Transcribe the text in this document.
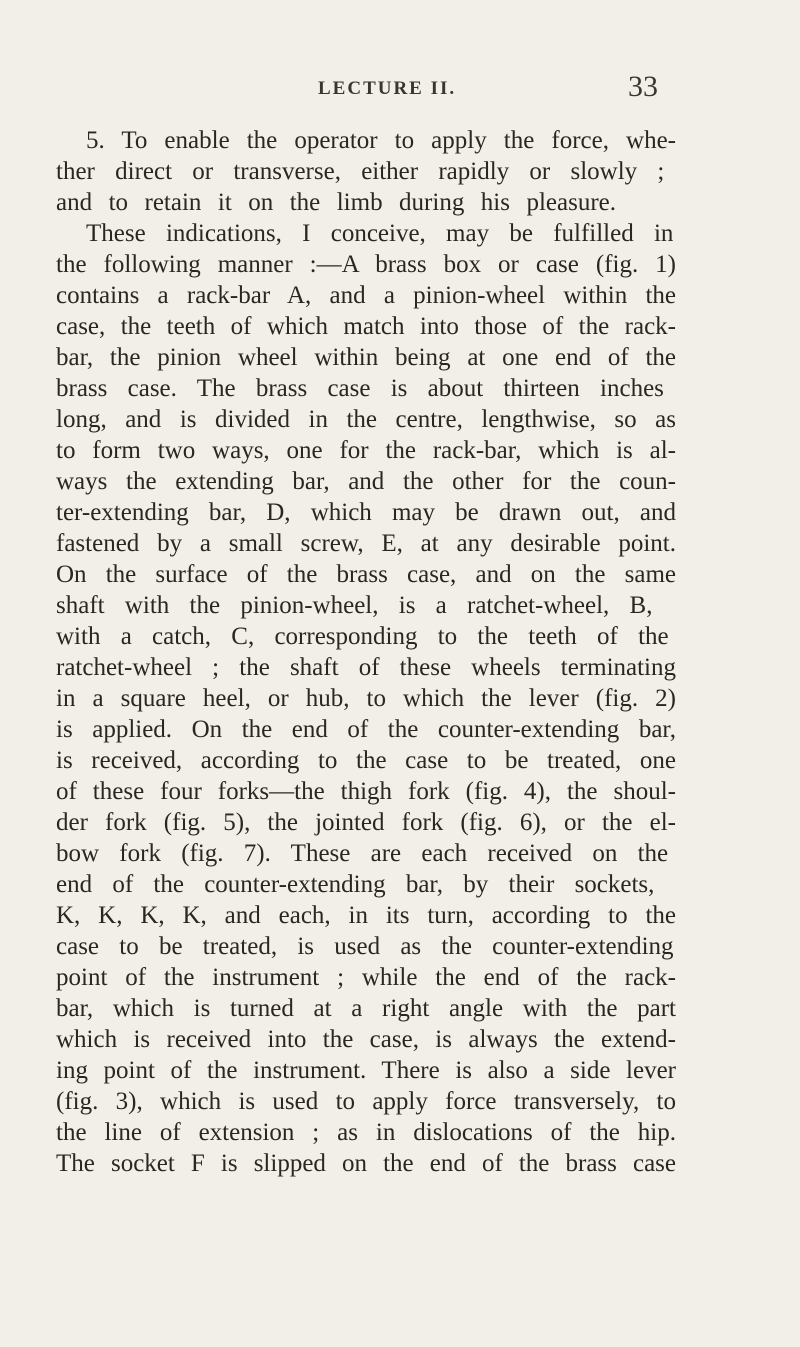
LECTURE II.	33
5. To enable the operator to apply the force, whe-
ther direct or transverse, either rapidly or slowly ;
and to retain it on the limb during his pleasure.
These indications, I conceive, may be fulfilled in
the following manner :—A brass box or case (fig. 1)
contains a rack-bar A, and a pinion-wheel within the
case, the teeth of which match into those of the rack-
bar, the pinion wheel within being at one end of the
brass case. The brass case is about thirteen inches
long, and is divided in the centre, lengthwise, so as
to form two ways, one for the rack-bar, which is al-
ways the extending bar, and the other for the coun-
ter-extending bar, D, which may be drawn out, and
fastened by a small screw, E, at any desirable point.
On the surface of the brass case, and on the same
shaft with the pinion-wheel, is a ratchet-wheel, B,
with a catch, C, corresponding to the teeth of the
ratchet-wheel ; the shaft of these wheels terminating
in a square heel, or hub, to which the lever (fig. 2)
is applied. On the end of the counter-extending bar,
is received, according to the case to be treated, one
of these four forks—the thigh fork (fig. 4), the shoul-
der fork (fig. 5), the jointed fork (fig. 6), or the el-
bow fork (fig. 7). These are each received on the
end of the counter-extending bar, by their sockets,
K, K, K, K, and each, in its turn, according to the
case to be treated, is used as the counter-extending
point of the instrument ; while the end of the rack-
bar, which is turned at a right angle with the part
which is received into the case, is always the extend-
ing point of the instrument. There is also a side lever
(fig. 3), which is used to apply force transversely, to
the line of extension ; as in dislocations of the hip.
The socket F is slipped on the end of the brass case
